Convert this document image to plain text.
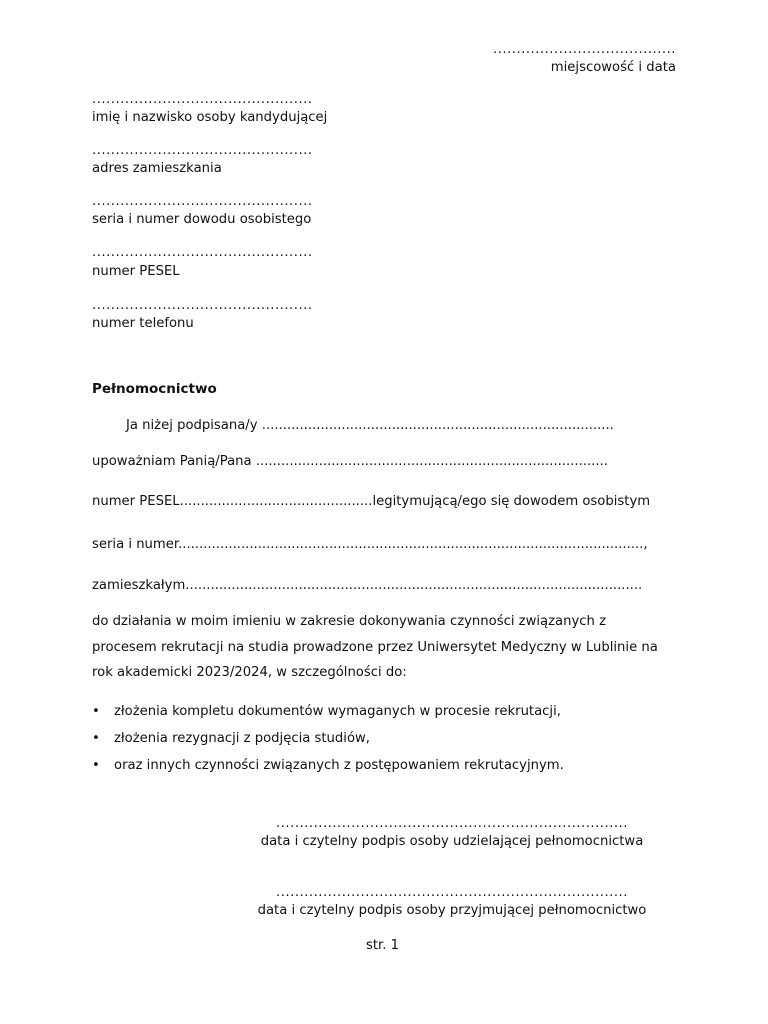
.......................................
miejscowość i data
...............................................
imię i nazwisko osoby kandydującej
...............................................
adres zamieszkania
...............................................
seria i numer dowodu osobistego
...............................................
numer PESEL
...............................................
numer telefonu
Pełnomocnictwo
Ja niżej podpisana/y ....................................................................................
upoważniam Panią/Pana ....................................................................................
numer PESEL..............................................legitymującą/ego się dowodem osobistym
seria i numer...............................................................................................................,
zamieszkałym.............................................................................................................
do działania w moim imieniu w zakresie dokonywania czynności związanych z procesem rekrutacji na studia prowadzone przez Uniwersytet Medyczny w Lublinie na rok akademicki 2023/2024, w szczególności do:
• złożenia kompletu dokumentów wymaganych w procesie rekrutacji,
• złożenia rezygnacji z podjęcia studiów,
• oraz innych czynności związanych z postępowaniem rekrutacyjnym.
...........................................................................
data i czytelny podpis osoby udzielającej pełnomocnictwa
...........................................................................
data i czytelny podpis osoby przyjmującej pełnomocnictwo
str. 1
